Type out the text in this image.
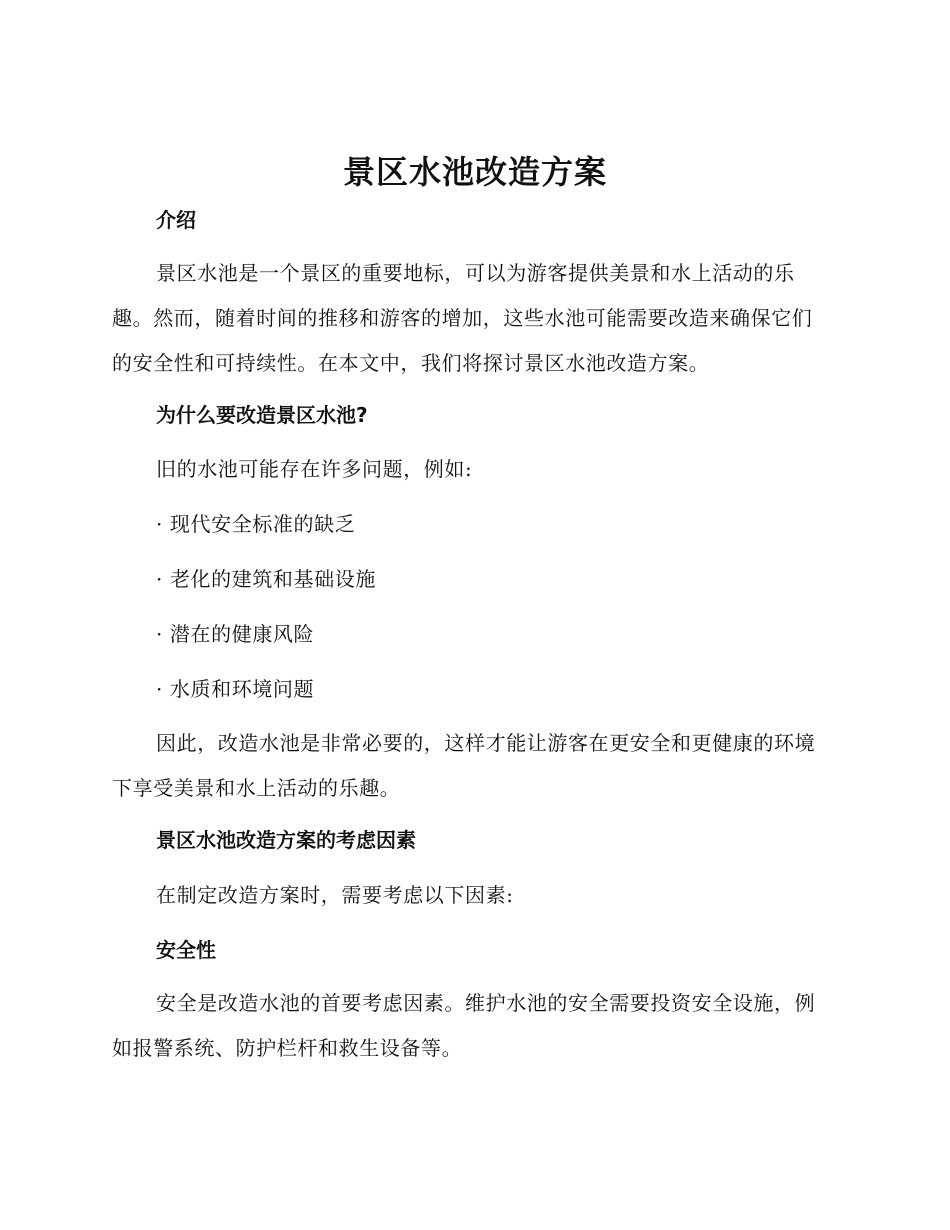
景区水池改造方案
介绍
景区水池是一个景区的重要地标，可以为游客提供美景和水上活动的乐趣。然而，随着时间的推移和游客的增加，这些水池可能需要改造来确保它们的安全性和可持续性。在本文中，我们将探讨景区水池改造方案。
为什么要改造景区水池?
旧的水池可能存在许多问题，例如:
· 现代安全标准的缺乏
· 老化的建筑和基础设施
· 潜在的健康风险
· 水质和环境问题
因此，改造水池是非常必要的，这样才能让游客在更安全和更健康的环境下享受美景和水上活动的乐趣。
景区水池改造方案的考虑因素
在制定改造方案时，需要考虑以下因素:
安全性
安全是改造水池的首要考虑因素。维护水池的安全需要投资安全设施，例如报警系统、防护栏杆和救生设备等。
